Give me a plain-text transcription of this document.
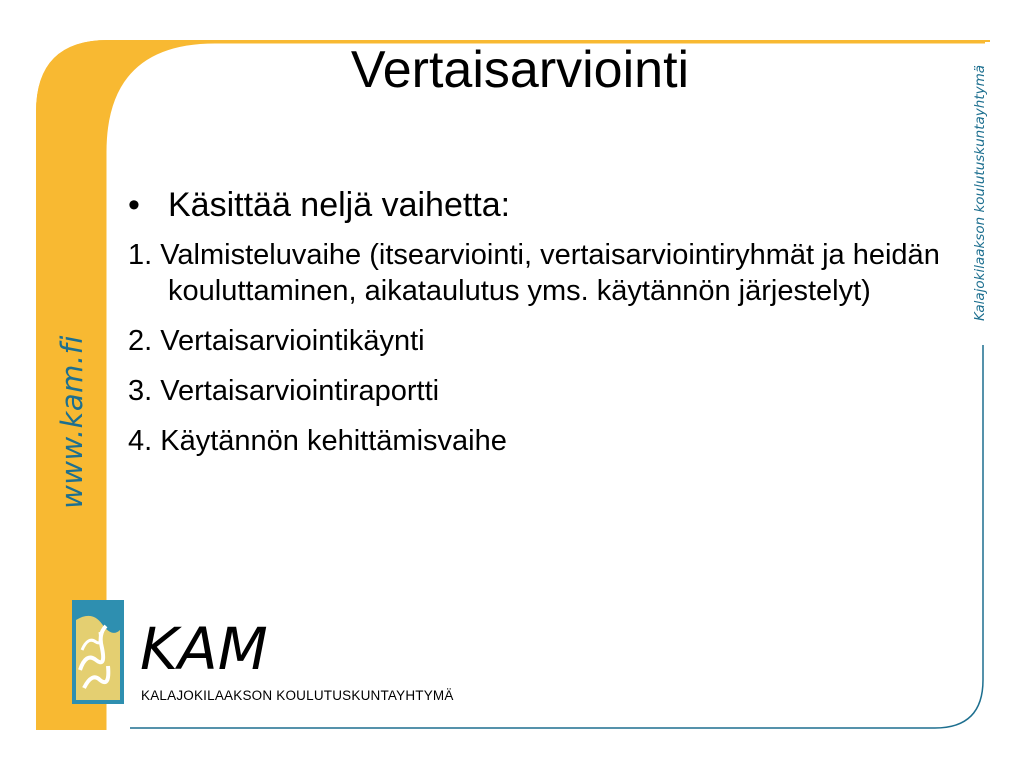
www.kam.fi
Kalajokilaakson koulutuskuntayhtymä
Vertaisarviointi
• Käsittää neljä vaihetta:
1. Valmisteluvaihe (itsearviointi, vertaisarviointiryhmät ja heidän kouluttaminen, aikataulutus yms. käytännön järjestelyt)
2. Vertaisarviointikäynti
3. Vertaisarviointiraportti
4. Käytännön kehittämisvaihe
KAM
KALAJOKILAAKSON KOULUTUSKUNTAYHTYMÄ
